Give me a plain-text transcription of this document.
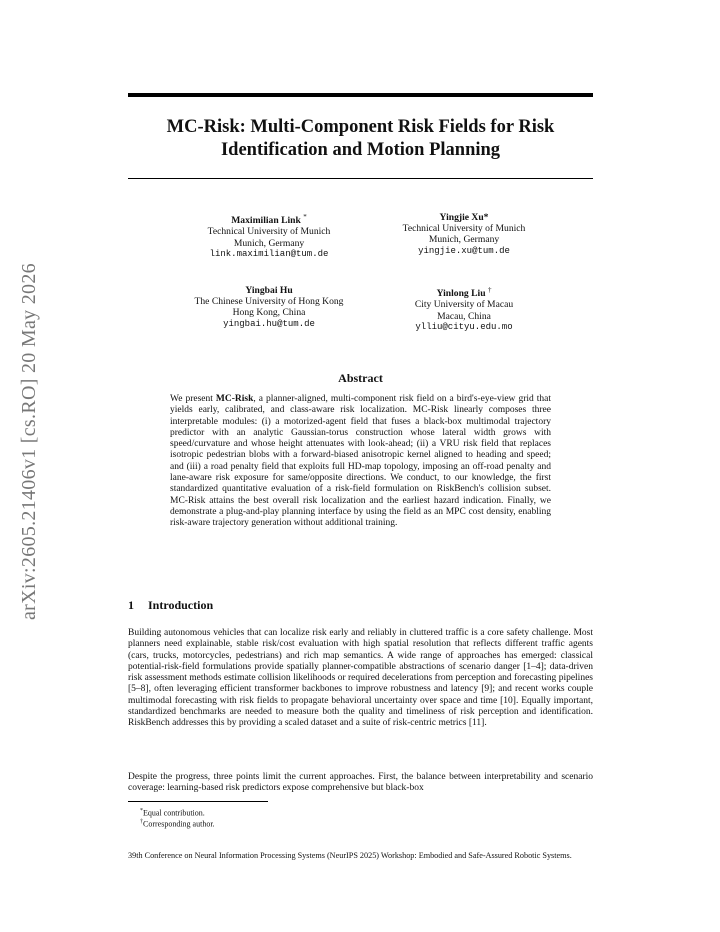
arXiv:2605.21406v1 [cs.RO] 20 May 2026
MC-Risk: Multi-Component Risk Fields for Risk
Identification and Motion Planning
Maximilian Link *
Technical University of Munich
Munich, Germany
link.maximilian@tum.de
Yingjie Xu*
Technical University of Munich
Munich, Germany
yingjie.xu@tum.de
Yingbai Hu
The Chinese University of Hong Kong
Hong Kong, China
yingbai.hu@tum.de
Yinlong Liu †
City University of Macau
Macau, China
ylliu@cityu.edu.mo
Abstract
We present MC-Risk, a planner-aligned, multi-component risk field on a bird's-eye-view grid that yields early, calibrated, and class-aware risk localization. MC-Risk linearly composes three interpretable modules: (i) a motorized-agent field that fuses a black-box multimodal trajectory predictor with an analytic Gaussian-torus construction whose lateral width grows with speed/curvature and whose height attenuates with look-ahead; (ii) a VRU risk field that replaces isotropic pedestrian blobs with a forward-biased anisotropic kernel aligned to heading and speed; and (iii) a road penalty field that exploits full HD-map topology, imposing an off-road penalty and lane-aware risk exposure for same/opposite directions. We conduct, to our knowledge, the first standardized quantitative evaluation of a risk-field formulation on RiskBench's collision subset. MC-Risk attains the best overall risk localization and the earliest hazard indication. Finally, we demonstrate a plug-and-play planning interface by using the field as an MPC cost density, enabling risk-aware trajectory generation without additional training.
1 Introduction
Building autonomous vehicles that can localize risk early and reliably in cluttered traffic is a core safety challenge. Most planners need explainable, stable risk/cost evaluation with high spatial resolution that reflects different traffic agents (cars, trucks, motorcycles, pedestrians) and rich map semantics. A wide range of approaches has emerged: classical potential-risk-field formulations provide spatially planner-compatible abstractions of scenario danger [1–4]; data-driven risk assessment methods estimate collision likelihoods or required decelerations from perception and forecasting pipelines [5–8], often leveraging efficient transformer backbones to improve robustness and latency [9]; and recent works couple multimodal forecasting with risk fields to propagate behavioral uncertainty over space and time [10]. Equally important, standardized benchmarks are needed to measure both the quality and timeliness of risk perception and identification. RiskBench addresses this by providing a scaled dataset and a suite of risk-centric metrics [11].
Despite the progress, three points limit the current approaches. First, the balance between interpretability and scenario coverage: learning-based risk predictors expose comprehensive but black-box
*Equal contribution.
†Corresponding author.
39th Conference on Neural Information Processing Systems (NeurIPS 2025) Workshop: Embodied and Safe-Assured Robotic Systems.
